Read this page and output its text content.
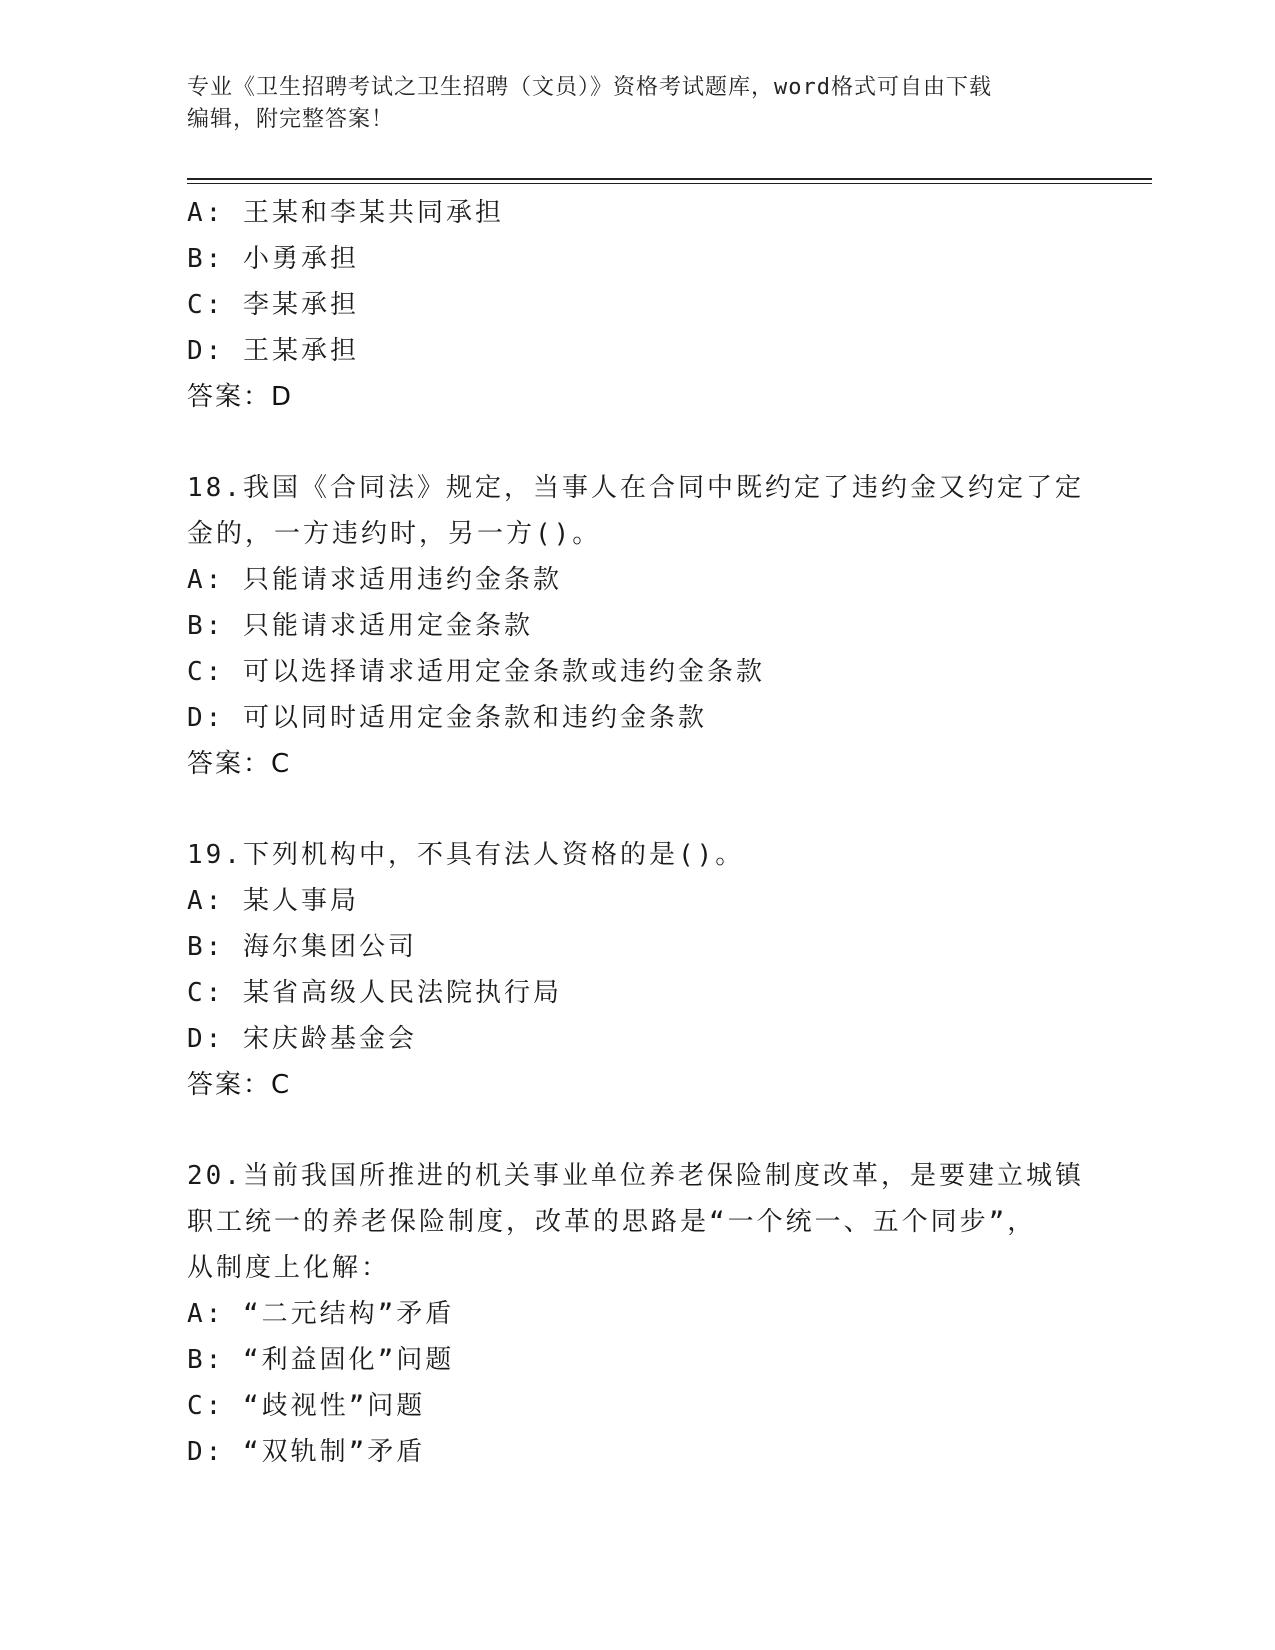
专业《卫生招聘考试之卫生招聘（文员）》资格考试题库，word格式可自由下载
编辑，附完整答案！
A: 王某和李某共同承担
B: 小勇承担
C: 李某承担
D: 王某承担
答案：D
18.我国《合同法》规定，当事人在合同中既约定了违约金又约定了定
金的，一方违约时，另一方()。
A: 只能请求适用违约金条款
B: 只能请求适用定金条款
C: 可以选择请求适用定金条款或违约金条款
D: 可以同时适用定金条款和违约金条款
答案：C
19.下列机构中，不具有法人资格的是()。
A: 某人事局
B: 海尔集团公司
C: 某省高级人民法院执行局
D: 宋庆龄基金会
答案：C
20.当前我国所推进的机关事业单位养老保险制度改革，是要建立城镇
职工统一的养老保险制度，改革的思路是“一个统一、五个同步”，
从制度上化解：
A: “二元结构”矛盾
B: “利益固化”问题
C: “歧视性”问题
D: “双轨制”矛盾
